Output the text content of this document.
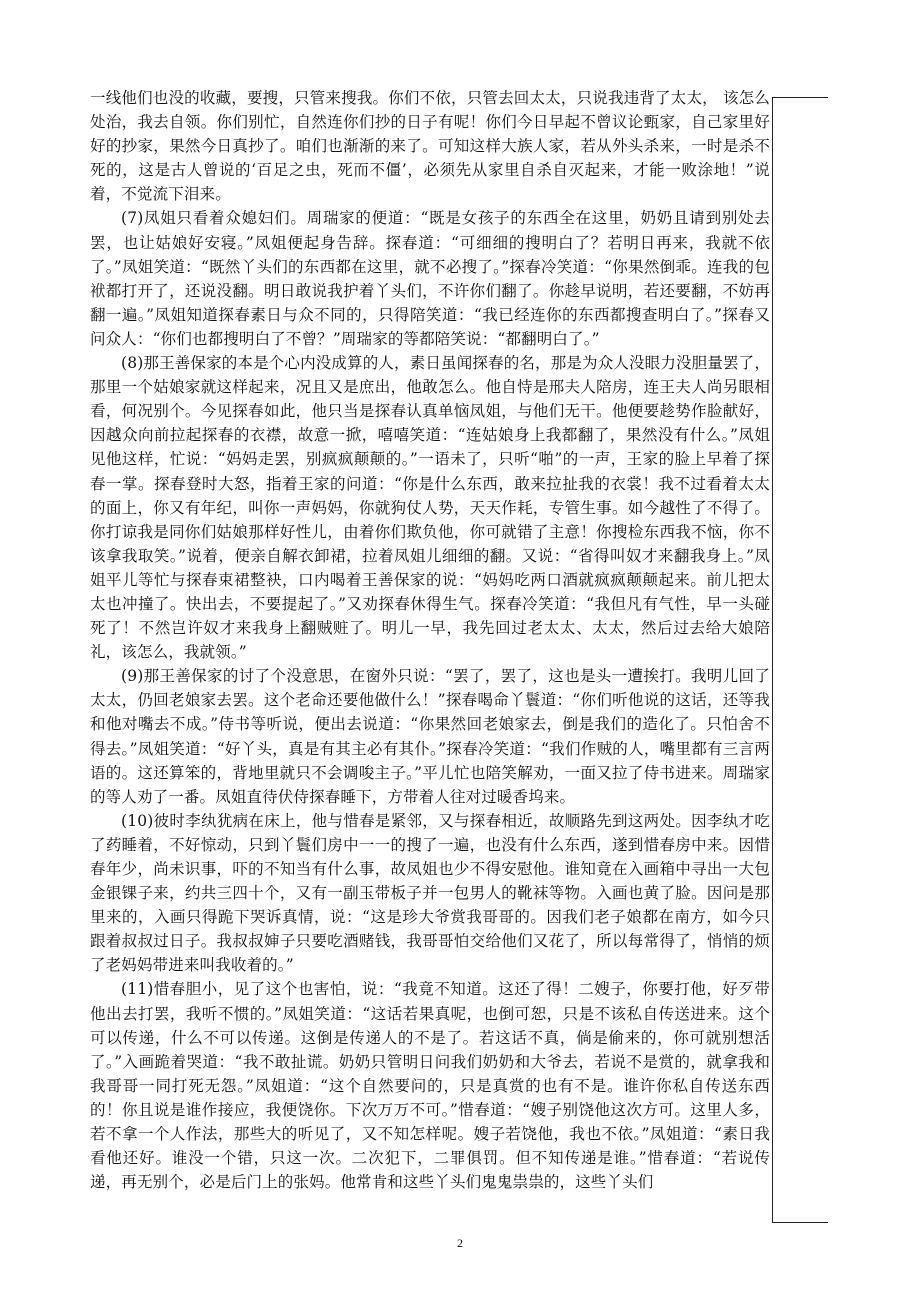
一线他们也没的收藏，要搜，只管来搜我。你们不依，只管去回太太，只说我违背了太太， 该怎么处治，我去自领。你们别忙，自然连你们抄的日子有呢！你们今日早起不曾议论甄家，自己家里好好的抄家，果然今日真抄了。咱们也渐渐的来了。可知这样大族人家，若从外头杀来，一时是杀不死的，这是古人曾说的‘百足之虫，死而不僵’，必须先从家里自杀自灭起来，才能一败涂地！”说着，不觉流下泪来。

(7)凤姐只看着众媳妇们。周瑞家的便道：“既是女孩子的东西全在这里，奶奶且请到别处去罢，也让姑娘好安寝。”凤姐便起身告辞。探春道：“可细细的搜明白了？若明日再来，我就不依了。”凤姐笑道：“既然丫头们的东西都在这里，就不必搜了。”探春冷笑道：“你果然倒乖。连我的包袱都打开了，还说没翻。明日敢说我护着丫头们，不许你们翻了。你趁早说明，若还要翻，不妨再翻一遍。”凤姐知道探春素日与众不同的，只得陪笑道：“我已经连你的东西都搜查明白了。”探春又问众人：“你们也都搜明白了不曾？”周瑞家的等都陪笑说：“都翻明白了。”

(8)那王善保家的本是个心内没成算的人，素日虽闻探春的名，那是为众人没眼力没胆量罢了，那里一个姑娘家就这样起来，况且又是庶出，他敢怎么。他自恃是邢夫人陪房，连王夫人尚另眼相看，何况别个。今见探春如此，他只当是探春认真单恼凤姐，与他们无干。他便要趁势作脸献好，因越众向前拉起探春的衣襟，故意一掀，嘻嘻笑道：“连姑娘身上我都翻了，果然没有什么。”凤姐见他这样，忙说：“妈妈走罢，别疯疯颠颠的。”一语未了，只听“啪”的一声，王家的脸上早着了探春一掌。探春登时大怒，指着王家的问道：“你是什么东西，敢来拉扯我的衣裳！我不过看着太太的面上，你又有年纪，叫你一声妈妈，你就狗仗人势，天天作耗，专管生事。如今越性了不得了。你打谅我是同你们姑娘那样好性儿，由着你们欺负他，你可就错了主意！你搜检东西我不恼，你不该拿我取笑。”说着，便亲自解衣卸裙，拉着凤姐儿细细的翻。又说：“省得叫奴才来翻我身上。”凤姐平儿等忙与探春束裙整袂，口内喝着王善保家的说：“妈妈吃两口酒就疯疯颠颠起来。前儿把太太也冲撞了。快出去，不要提起了。”又劝探春休得生气。探春冷笑道：“我但凡有气性，早一头碰死了！不然岂许奴才来我身上翻贼赃了。明儿一早，我先回过老太太、太太，然后过去给大娘陪礼，该怎么，我就领。”

(9)那王善保家的讨了个没意思，在窗外只说：“罢了，罢了，这也是头一遭挨打。我明儿回了太太，仍回老娘家去罢。这个老命还要他做什么！”探春喝命丫鬟道：“你们听他说的这话，还等我和他对嘴去不成。”侍书等听说，便出去说道：“你果然回老娘家去，倒是我们的造化了。只怕舍不得去。”凤姐笑道：“好丫头，真是有其主必有其仆。”探春冷笑道：“我们作贼的人，嘴里都有三言两语的。这还算笨的，背地里就只不会调唆主子。”平儿忙也陪笑解劝，一面又拉了侍书进来。周瑞家的等人劝了一番。凤姐直待伏侍探春睡下，方带着人往对过暖香坞来。

(10)彼时李纨犹病在床上，他与惜春是紧邻，又与探春相近，故顺路先到这两处。因李纨才吃了药睡着，不好惊动，只到丫鬟们房中一一的搜了一遍，也没有什么东西，遂到惜春房中来。因惜春年少，尚未识事，吓的不知当有什么事，故凤姐也少不得安慰他。谁知竟在入画箱中寻出一大包金银锞子来，约共三四十个，又有一副玉带板子并一包男人的靴袜等物。入画也黄了脸。因问是那里来的，入画只得跪下哭诉真情，说：“这是珍大爷赏我哥哥的。因我们老子娘都在南方，如今只跟着叔叔过日子。我叔叔婶子只要吃酒赌钱，我哥哥怕交给他们又花了，所以每常得了，悄悄的烦了老妈妈带进来叫我收着的。”

(11)惜春胆小，见了这个也害怕，说：“我竟不知道。这还了得！二嫂子，你要打他，好歹带他出去打罢，我听不惯的。”凤姐笑道：“这话若果真呢，也倒可恕，只是不该私自传送进来。这个可以传递，什么不可以传递。这倒是传递人的不是了。若这话不真，倘是偷来的，你可就别想活了。”入画跪着哭道：“我不敢扯谎。奶奶只管明日问我们奶奶和大爷去，若说不是赏的，就拿我和我哥哥一同打死无怨。”凤姐道：“这个自然要问的，只是真赏的也有不是。谁许你私自传送东西的！你且说是谁作接应，我便饶你。下次万万不可。”惜春道：“嫂子别饶他这次方可。这里人多，若不拿一个人作法，那些大的听见了，又不知怎样呢。嫂子若饶他，我也不依。”凤姐道：“素日我看他还好。谁没一个错，只这一次。二次犯下，二罪俱罚。但不知传递是谁。”惜春道：“若说传递，再无别个，必是后门上的张妈。他常肯和这些丫头们鬼鬼祟祟的，这些丫头们

2
